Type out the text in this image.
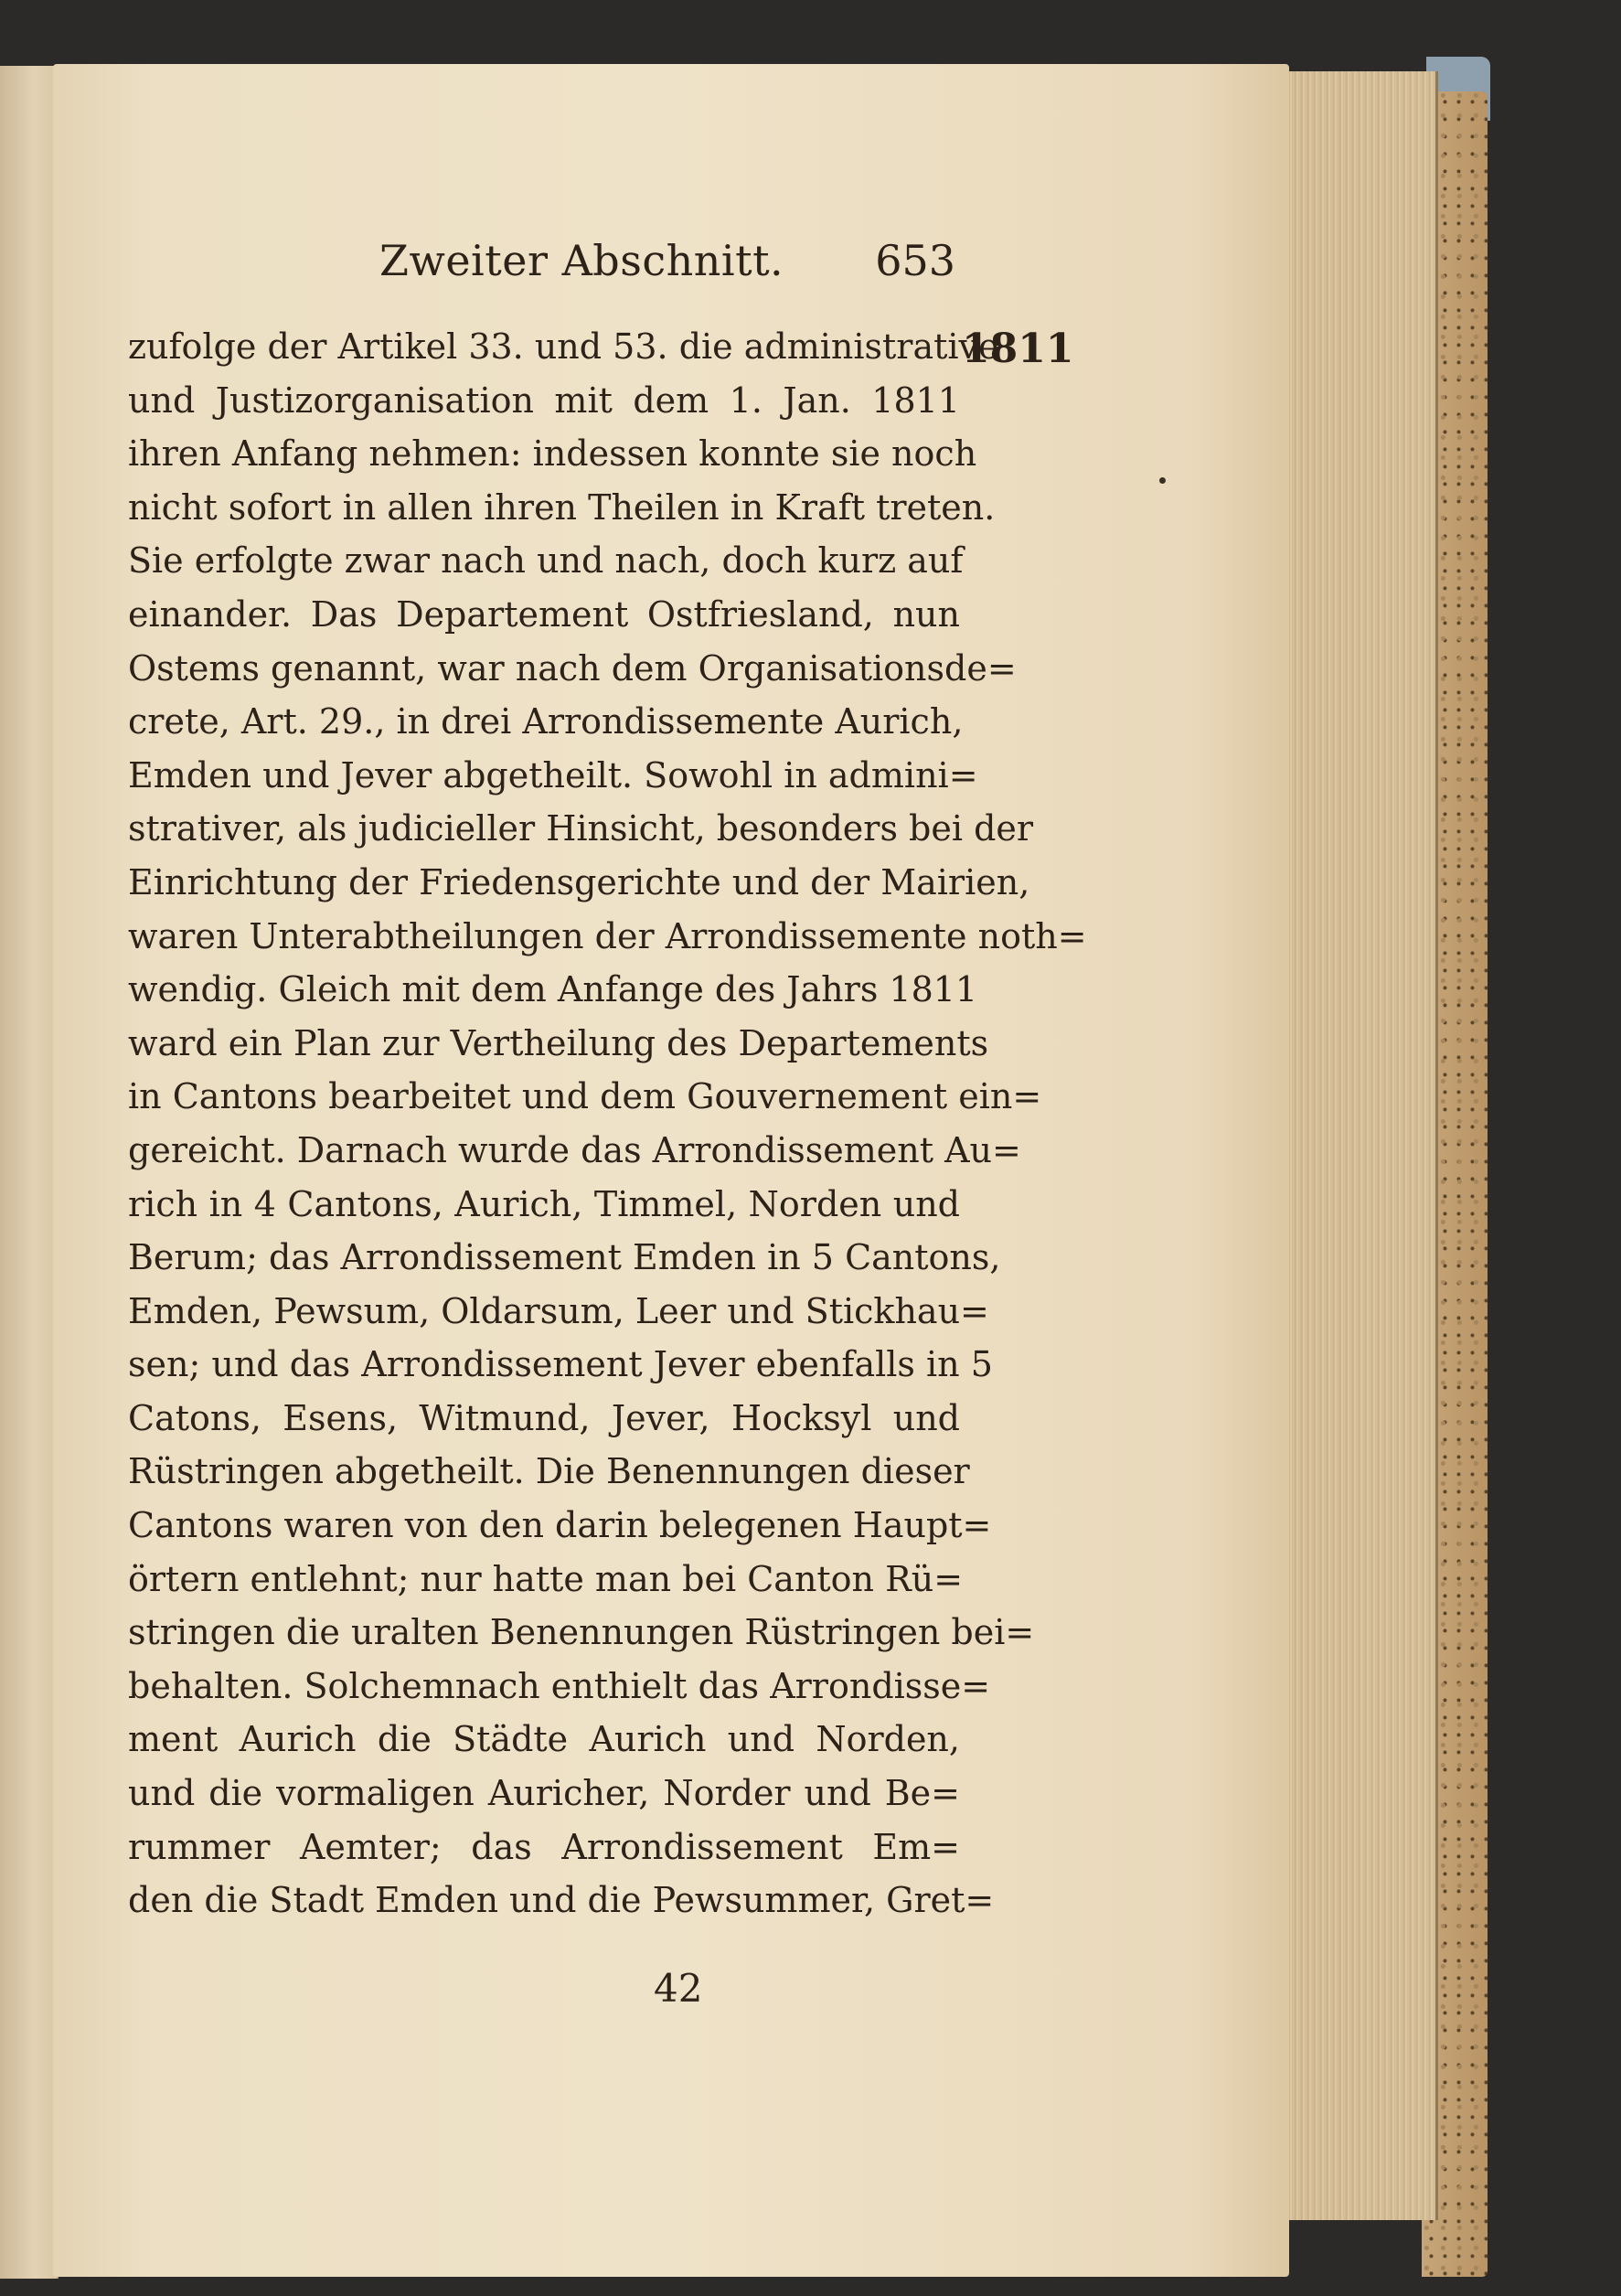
Zweiter Abschnitt. 653
1811
zufolge der Artikel 33. und 53. die administrative
und Justizorganisation mit dem 1. Jan. 1811
ihren Anfang nehmen: indessen konnte sie noch
nicht sofort in allen ihren Theilen in Kraft treten.
Sie erfolgte zwar nach und nach, doch kurz auf
einander. Das Departement Ostfriesland, nun
Ostems genannt, war nach dem Organisationsde=
crete, Art. 29., in drei Arrondissemente Aurich,
Emden und Jever abgetheilt. Sowohl in admini=
strativer, als judicieller Hinsicht, besonders bei der
Einrichtung der Friedensgerichte und der Mairien,
waren Unterabtheilungen der Arrondissemente noth=
wendig. Gleich mit dem Anfange des Jahrs 1811
ward ein Plan zur Vertheilung des Departements
in Cantons bearbeitet und dem Gouvernement ein=
gereicht. Darnach wurde das Arrondissement Au=
rich in 4 Cantons, Aurich, Timmel, Norden und
Berum; das Arrondissement Emden in 5 Cantons,
Emden, Pewsum, Oldarsum, Leer und Stickhau=
sen; und das Arrondissement Jever ebenfalls in 5
Catons, Esens, Witmund, Jever, Hocksyl und
Rüstringen abgetheilt. Die Benennungen dieser
Cantons waren von den darin belegenen Haupt=
örtern entlehnt; nur hatte man bei Canton Rü=
stringen die uralten Benennungen Rüstringen bei=
behalten. Solchemnach enthielt das Arrondisse=
ment Aurich die Städte Aurich und Norden,
und die vormaligen Auricher, Norder und Be=
rummer Aemter; das Arrondissement Em=
den die Stadt Emden und die Pewsummer, Gret=
42
